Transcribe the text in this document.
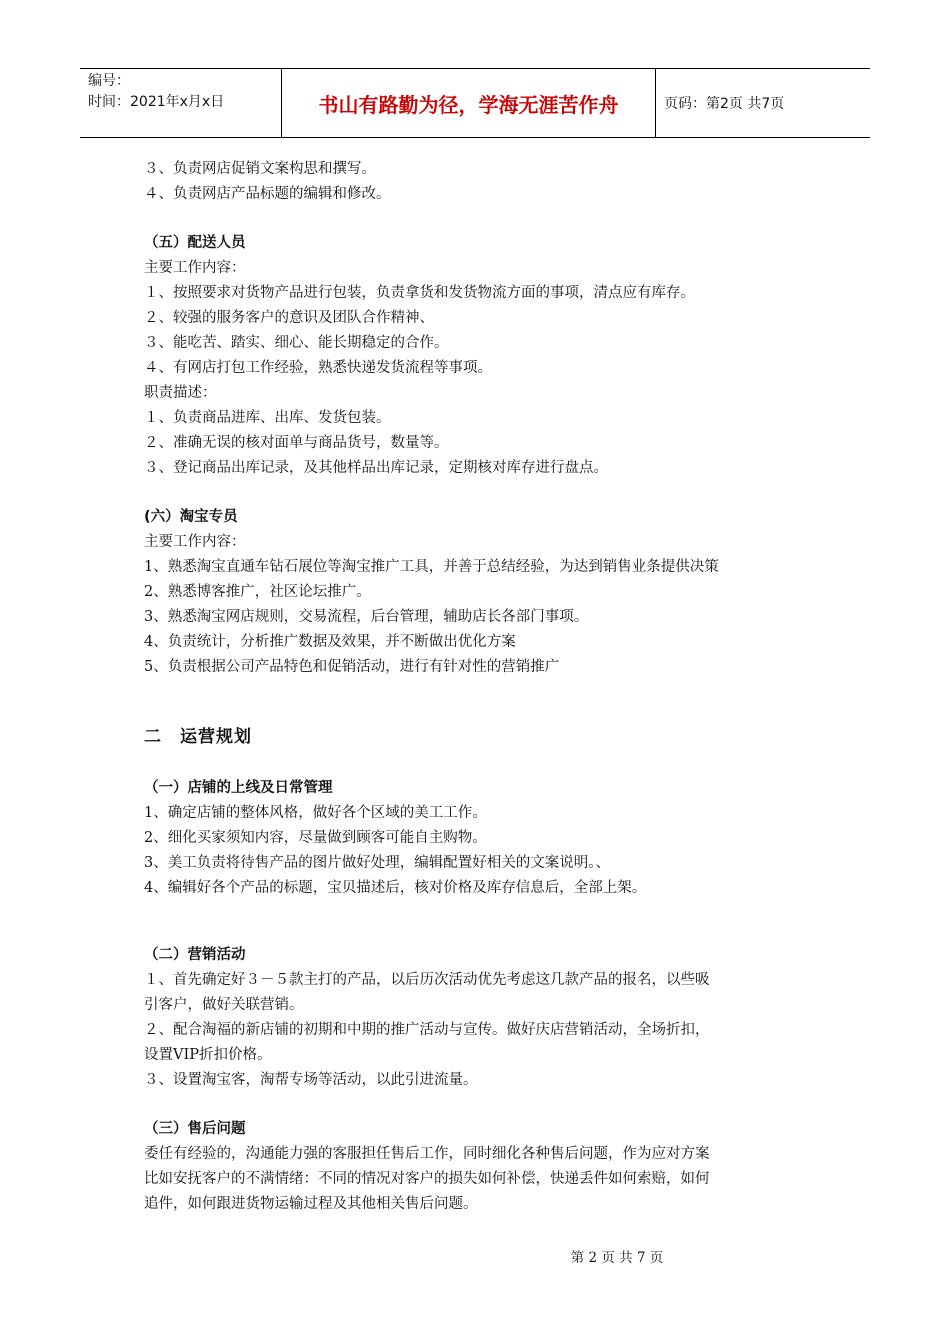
编号：
时间：2021年x月x日	书山有路勤为径，学海无涯苦作舟	页码：第2页 共7页
３、负责网店促销文案构思和撰写。
４、负责网店产品标题的编辑和修改。
（五）配送人员
主要工作内容：
１、按照要求对货物产品进行包装，负责拿货和发货物流方面的事项，清点应有库存。
２、较强的服务客户的意识及团队合作精神、
３、能吃苦、踏实、细心、能长期稳定的合作。
４、有网店打包工作经验，熟悉快递发货流程等事项。
职责描述：
１、负责商品进库、出库、发货包装。
２、准确无误的核对面单与商品货号，数量等。
３、登记商品出库记录，及其他样品出库记录，定期核对库存进行盘点。
(六）淘宝专员
主要工作内容：
1、熟悉淘宝直通车钻石展位等淘宝推广工具，并善于总结经验，为达到销售业条提供决策
2、熟悉博客推广，社区论坛推广。
3、熟悉淘宝网店规则，交易流程，后台管理，辅助店长各部门事项。
4、负责统计，分析推广数据及效果，并不断做出优化方案
5、负责根据公司产品特色和促销活动，进行有针对性的营销推广
二　运营规划
（一）店铺的上线及日常管理
1、确定店铺的整体风格，做好各个区域的美工工作。
2、细化买家须知内容，尽量做到顾客可能自主购物。
3、美工负责将待售产品的图片做好处理，编辑配置好相关的文案说明。、
4、编辑好各个产品的标题，宝贝描述后，核对价格及库存信息后，全部上架。
（二）营销活动
１、首先确定好３－５款主打的产品，以后历次活动优先考虑这几款产品的报名，以些吸
引客户，做好关联营销。
２、配合淘福的新店铺的初期和中期的推广活动与宣传。做好庆店营销活动，全场折扣，
设置VIP折扣价格。
３、设置淘宝客，淘帮专场等活动，以此引进流量。
（三）售后问题
委任有经验的，沟通能力强的客服担任售后工作，同时细化各种售后问题，作为应对方案
比如安抚客户的不满情绪：不同的情况对客户的损失如何补偿，快递丢件如何索赔，如何
追件，如何跟进货物运输过程及其他相关售后问题。
第 2 页 共 7 页
